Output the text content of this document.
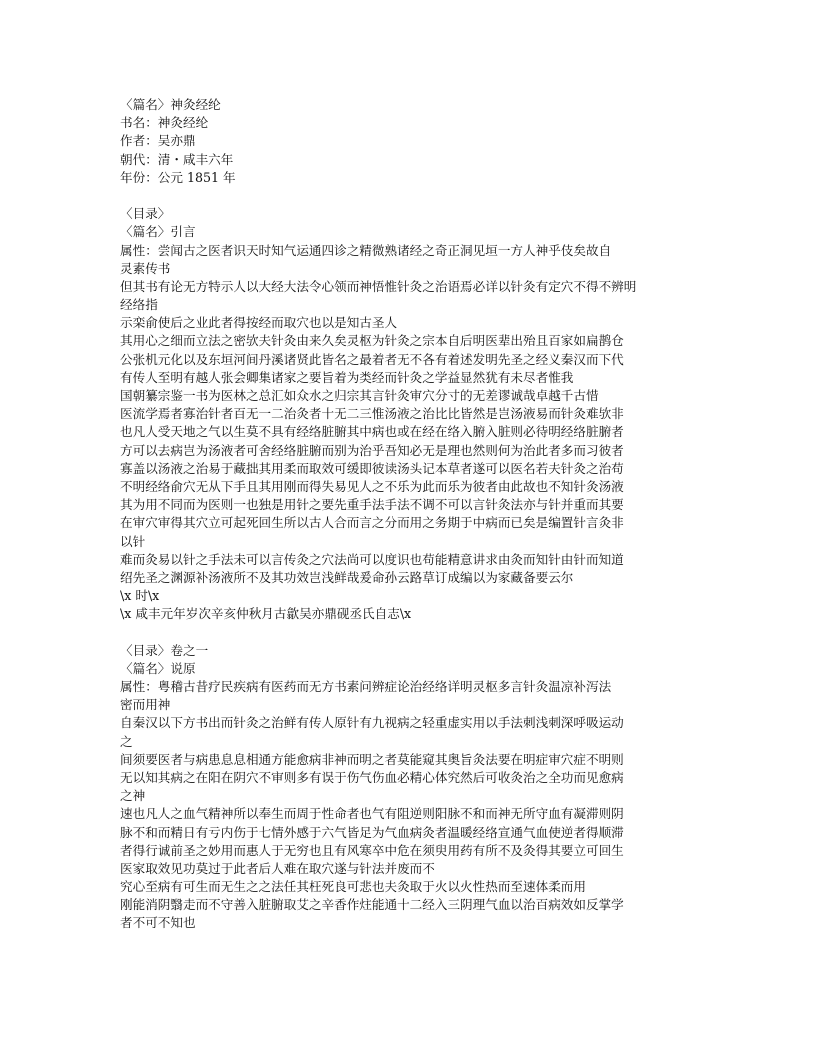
〈篇名〉神灸经纶
书名：神灸经纶
作者：吴亦鼎
朝代：清・咸丰六年
年份：公元 1851 年
〈目录〉
〈篇名〉引言
属性：尝闻古之医者识天时知气运通四诊之精微熟诸经之奇正洞见垣一方人神乎伎矣故自
灵素传书
但其书有论无方特示人以大经大法令心领而神悟惟针灸之治语焉必详以针灸有定穴不得不辨明
经络指
示栾俞使后之业此者得按经而取穴也以是知古圣人
其用心之细而立法之密欤夫针灸由来久矣灵枢为针灸之宗本自后明医辈出殆且百家如扁鹊仓
公张机元化以及东垣河间丹溪诸贤此皆名之最着者无不各有着述发明先圣之经义秦汉而下代
有传人至明有越人张会卿集诸家之要旨着为类经而针灸之学益显然犹有未尽者惟我
国朝纂宗鉴一书为医林之总汇如众水之归宗其言针灸审穴分寸的无差谬诚哉卓越千古惜
医流学焉者寡治针者百无一二治灸者十无二三惟汤液之治比比皆然是岂汤液易而针灸难欤非
也凡人受天地之气以生莫不具有经络脏腑其中病也或在经在络入腑入脏则必待明经络脏腑者
方可以去病岂为汤液者可舍经络脏腑而别为治乎吾知必无是理也然则何为治此者多而习彼者
寡盖以汤液之治易于藏拙其用柔而取效可缓即彼读汤头记本草者遂可以医名若夫针灸之治苟
不明经络俞穴无从下手且其用刚而得失易见人之不乐为此而乐为彼者由此故也不知针灸汤液
其为用不同而为医则一也独是用针之要先重手法手法不调不可以言针灸法亦与针并重而其要
在审穴审得其穴立可起死回生所以古人合而言之分而用之务期于中病而已矣是编置针言灸非
以针
难而灸易以针之手法未可以言传灸之穴法尚可以度识也苟能精意讲求由灸而知针由针而知道
绍先圣之渊源补汤液所不及其功效岂浅鲜哉爰命孙云路草订成编以为家藏备要云尔
\x 时\x
\x 咸丰元年岁次辛亥仲秋月古歙吴亦鼎砚丞氏自志\x
〈目录〉卷之一
〈篇名〉说原
属性：粤稽古昔疗民疾病有医药而无方书素问辨症论治经络详明灵枢多言针灸温凉补泻法
密而用神
自秦汉以下方书出而针灸之治鲜有传人原针有九视病之轻重虚实用以手法刺浅刺深呼吸运动
之
间须要医者与病患息息相通方能愈病非神而明之者莫能窥其奥旨灸法要在明症审穴症不明则
无以知其病之在阳在阴穴不审则多有误于伤气伤血必精心体究然后可收灸治之全功而见愈病
之神
速也凡人之血气精神所以奉生而周于性命者也气有阻逆则阳脉不和而神无所守血有凝滞则阴
脉不和而精日有亏内伤于七情外感于六气皆足为气血病灸者温暖经络宣通气血使逆者得顺滞
者得行诚前圣之妙用而惠人于无穷也且有风寒卒中危在须臾用药有所不及灸得其要立可回生
医家取效见功莫过于此者后人难在取穴遂与针法并废而不
究心至病有可生而无生之之法任其枉死良可悲也夫灸取于火以火性热而至速体柔而用
刚能消阴翳走而不守善入脏腑取艾之辛香作炷能通十二经入三阴理气血以治百病效如反掌学
者不可不知也
